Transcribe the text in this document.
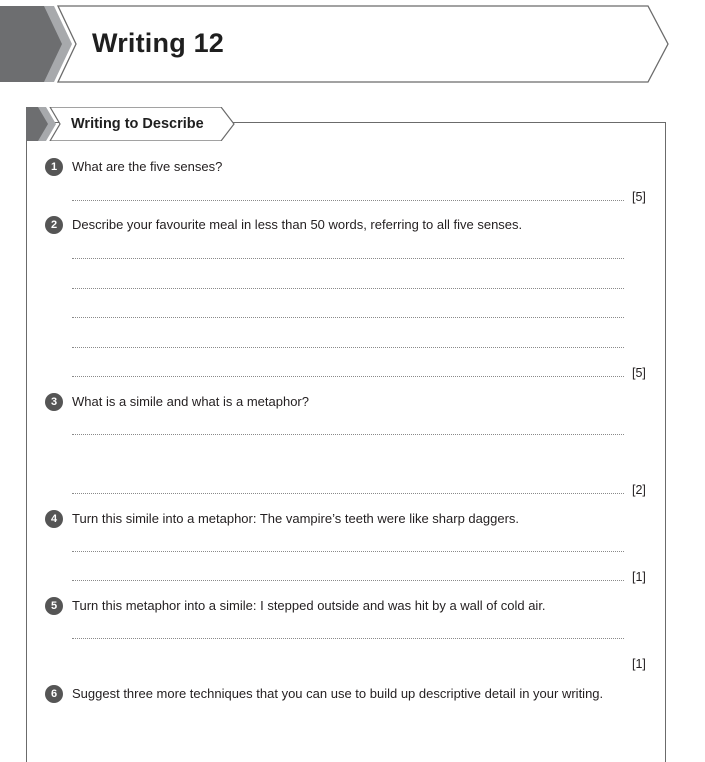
Writing 12
Writing to Describe
1	What are the five senses?
[5]
2	Describe your favourite meal in less than 50 words, referring to all five senses.
[5]
3	What is a simile and what is a metaphor?
[2]
4	Turn this simile into a metaphor: The vampire’s teeth were like sharp daggers.
[1]
5	Turn this metaphor into a simile: I stepped outside and was hit by a wall of cold air.
[1]
6	Suggest three more techniques that you can use to build up descriptive detail in your writing.
